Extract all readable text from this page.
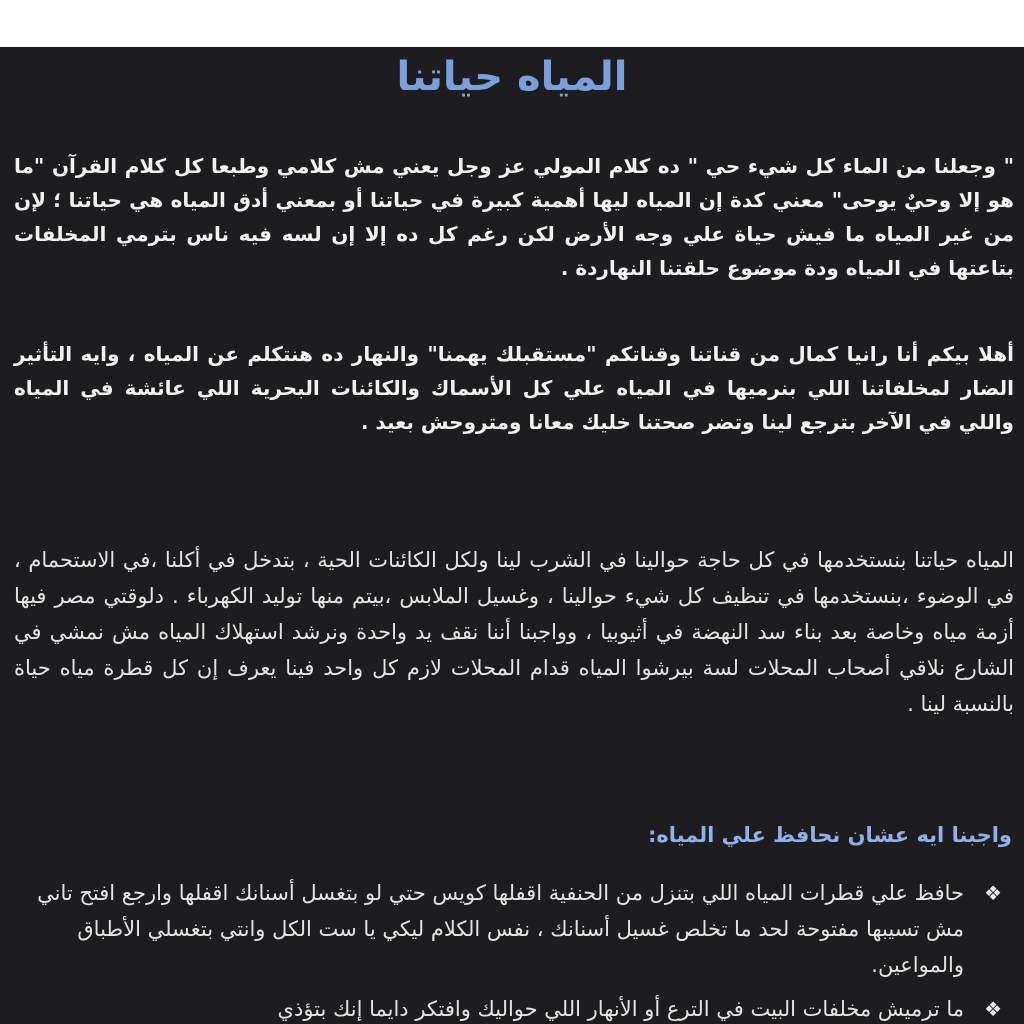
المياه حياتنا

" وجعلنا من الماء كل شيء حي " ده كلام المولي عز وجل يعني مش كلامي وطبعا كل كلام القرآن "ما هو إلا وحيٌ يوحى" معني كدة إن المياه ليها أهمية كبيرة في حياتنا أو بمعني أدق المياه هي حياتنا ؛ لإن من غير المياه ما فيش حياة علي وجه الأرض لكن رغم كل ده إلا إن لسه فيه ناس بترمي المخلفات بتاعتها في المياه ودة موضوع حلقتنا النهاردة .

أهلا بيكم أنا رانيا كمال من قناتنا وقناتكم "مستقبلك يهمنا" والنهار ده هنتكلم عن المياه ، وايه التأثير الضار لمخلفاتنا اللي بنرميها في المياه علي كل الأسماك والكائنات البحرية اللي عائشة في المياه واللي في الآخر بترجع لينا وتضر صحتنا خليك معانا ومتروحش بعيد .

المياه حياتنا بنستخدمها في كل حاجة حوالينا في الشرب لينا ولكل الكائنات الحية ، بتدخل في أكلنا ،في الاستحمام ، في الوضوء ،بنستخدمها في تنظيف كل شيء حوالينا ، وغسيل الملابس ،بيتم منها توليد الكهرباء . دلوقتي مصر فيها أزمة مياه وخاصة بعد بناء سد النهضة في أثيوبيا ، وواجبنا أننا نقف يد واحدة ونرشد استهلاك المياه مش نمشي في الشارع نلاقي أصحاب المحلات لسة بيرشوا المياه قدام المحلات لازم كل واحد فينا يعرف إن كل قطرة مياه حياة بالنسبة لينا .

واجبنا ايه عشان نحافظ علي المياه:
❖
حافظ علي قطرات المياه اللي بتنزل من الحنفية اقفلها كويس حتي لو بتغسل أسنانك اقفلها وارجع افتح تاني مش تسيبها مفتوحة لحد ما تخلص غسيل أسنانك ، نفس الكلام ليكي يا ست الكل وانتي بتغسلي الأطباق والمواعين.
❖
ما ترميش مخلفات البيت في الترع أو الأنهار اللي حواليك وافتكر دايما إنك بتؤذي
